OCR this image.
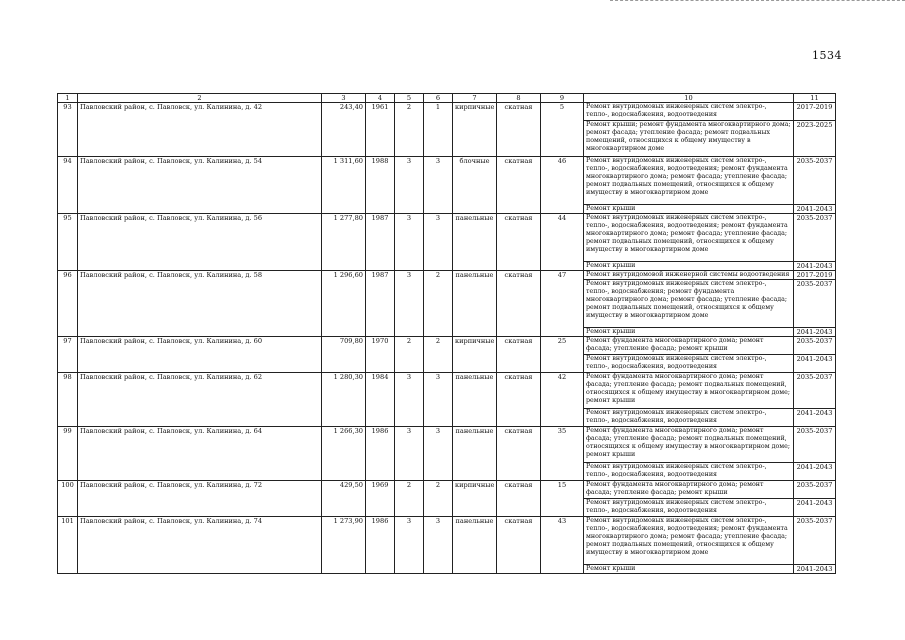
1534
1	2	3	4	5	6	7	8	9	10	11
93	Павловский район, с. Павловск, ул. Калинина, д. 42	243,40	1961	2	1	кирпичные	скатная	5	Ремонт внутридомовых инженерных систем электро-, тепло-, водоснабжения, водоотведения	2017-2019
									Ремонт крыши; ремонт фундамента многоквартирного дома; ремонт фасада; утепление фасада; ремонт подвальных помещений, относящихся к общему имуществу в многоквартирном доме	2023-2025
94	Павловский район, с. Павловск, ул. Калинина, д. 54	1 311,60	1988	3	3	блочные	скатная	46	Ремонт внутридомовых инженерных систем электро-, тепло-, водоснабжения, водоотведения; ремонт фундамента многоквартирного дома; ремонт фасада; утепление фасада; ремонт подвальных помещений, относящихся к общему имуществу в многоквартирном доме	2035-2037
									Ремонт крыши	2041-2043
95	Павловский район, с. Павловск, ул. Калинина, д. 56	1 277,80	1987	3	3	панельные	скатная	44	Ремонт внутридомовых инженерных систем электро-, тепло-, водоснабжения, водоотведения; ремонт фундамента многоквартирного дома; ремонт фасада; утепление фасада; ремонт подвальных помещений, относящихся к общему имуществу в многоквартирном доме	2035-2037
									Ремонт крыши	2041-2043
96	Павловский район, с. Павловск, ул. Калинина, д. 58	1 296,60	1987	3	2	панельные	скатная	47	Ремонт внутридомовой инженерной системы водоотведения	2017-2019
									Ремонт внутридомовых инженерных систем электро-, тепло-, водоснабжения; ремонт фундамента многоквартирного дома; ремонт фасада; утепление фасада; ремонт подвальных помещений, относящихся к общему имуществу в многоквартирном доме	2035-2037
									Ремонт крыши	2041-2043
97	Павловский район, с. Павловск, ул. Калинина, д. 60	709,80	1970	2	2	кирпичные	скатная	25	Ремонт фундамента многоквартирного дома; ремонт фасада; утепление фасада; ремонт крыши	2035-2037
									Ремонт внутридомовых инженерных систем электро-, тепло-, водоснабжения, водоотведения	2041-2043
98	Павловский район, с. Павловск, ул. Калинина, д. 62	1 280,30	1984	3	3	панельные	скатная	42	Ремонт фундамента многоквартирного дома; ремонт фасада; утепление фасада; ремонт подвальных помещений, относящихся к общему имуществу в многоквартирном доме; ремонт крыши	2035-2037
									Ремонт внутридомовых инженерных систем электро-, тепло-, водоснабжения, водоотведения	2041-2043
99	Павловский район, с. Павловск, ул. Калинина, д. 64	1 266,30	1986	3	3	панельные	скатная	35	Ремонт фундамента многоквартирного дома; ремонт фасада; утепление фасада; ремонт подвальных помещений, относящихся к общему имуществу в многоквартирном доме; ремонт крыши	2035-2037
									Ремонт внутридомовых инженерных систем электро-, тепло-, водоснабжения, водоотведения	2041-2043
100	Павловский район, с. Павловск, ул. Калинина, д. 72	429,50	1969	2	2	кирпичные	скатная	15	Ремонт фундамента многоквартирного дома; ремонт фасада; утепление фасада; ремонт крыши	2035-2037
									Ремонт внутридомовых инженерных систем электро-, тепло-, водоснабжения, водоотведения	2041-2043
101	Павловский район, с. Павловск, ул. Калинина, д. 74	1 273,90	1986	3	3	панельные	скатная	43	Ремонт внутридомовых инженерных систем электро-, тепло-, водоснабжения, водоотведения; ремонт фундамента многоквартирного дома; ремонт фасада; утепление фасада; ремонт подвальных помещений, относящихся к общему имуществу в многоквартирном доме	2035-2037
									Ремонт крыши	2041-2043
